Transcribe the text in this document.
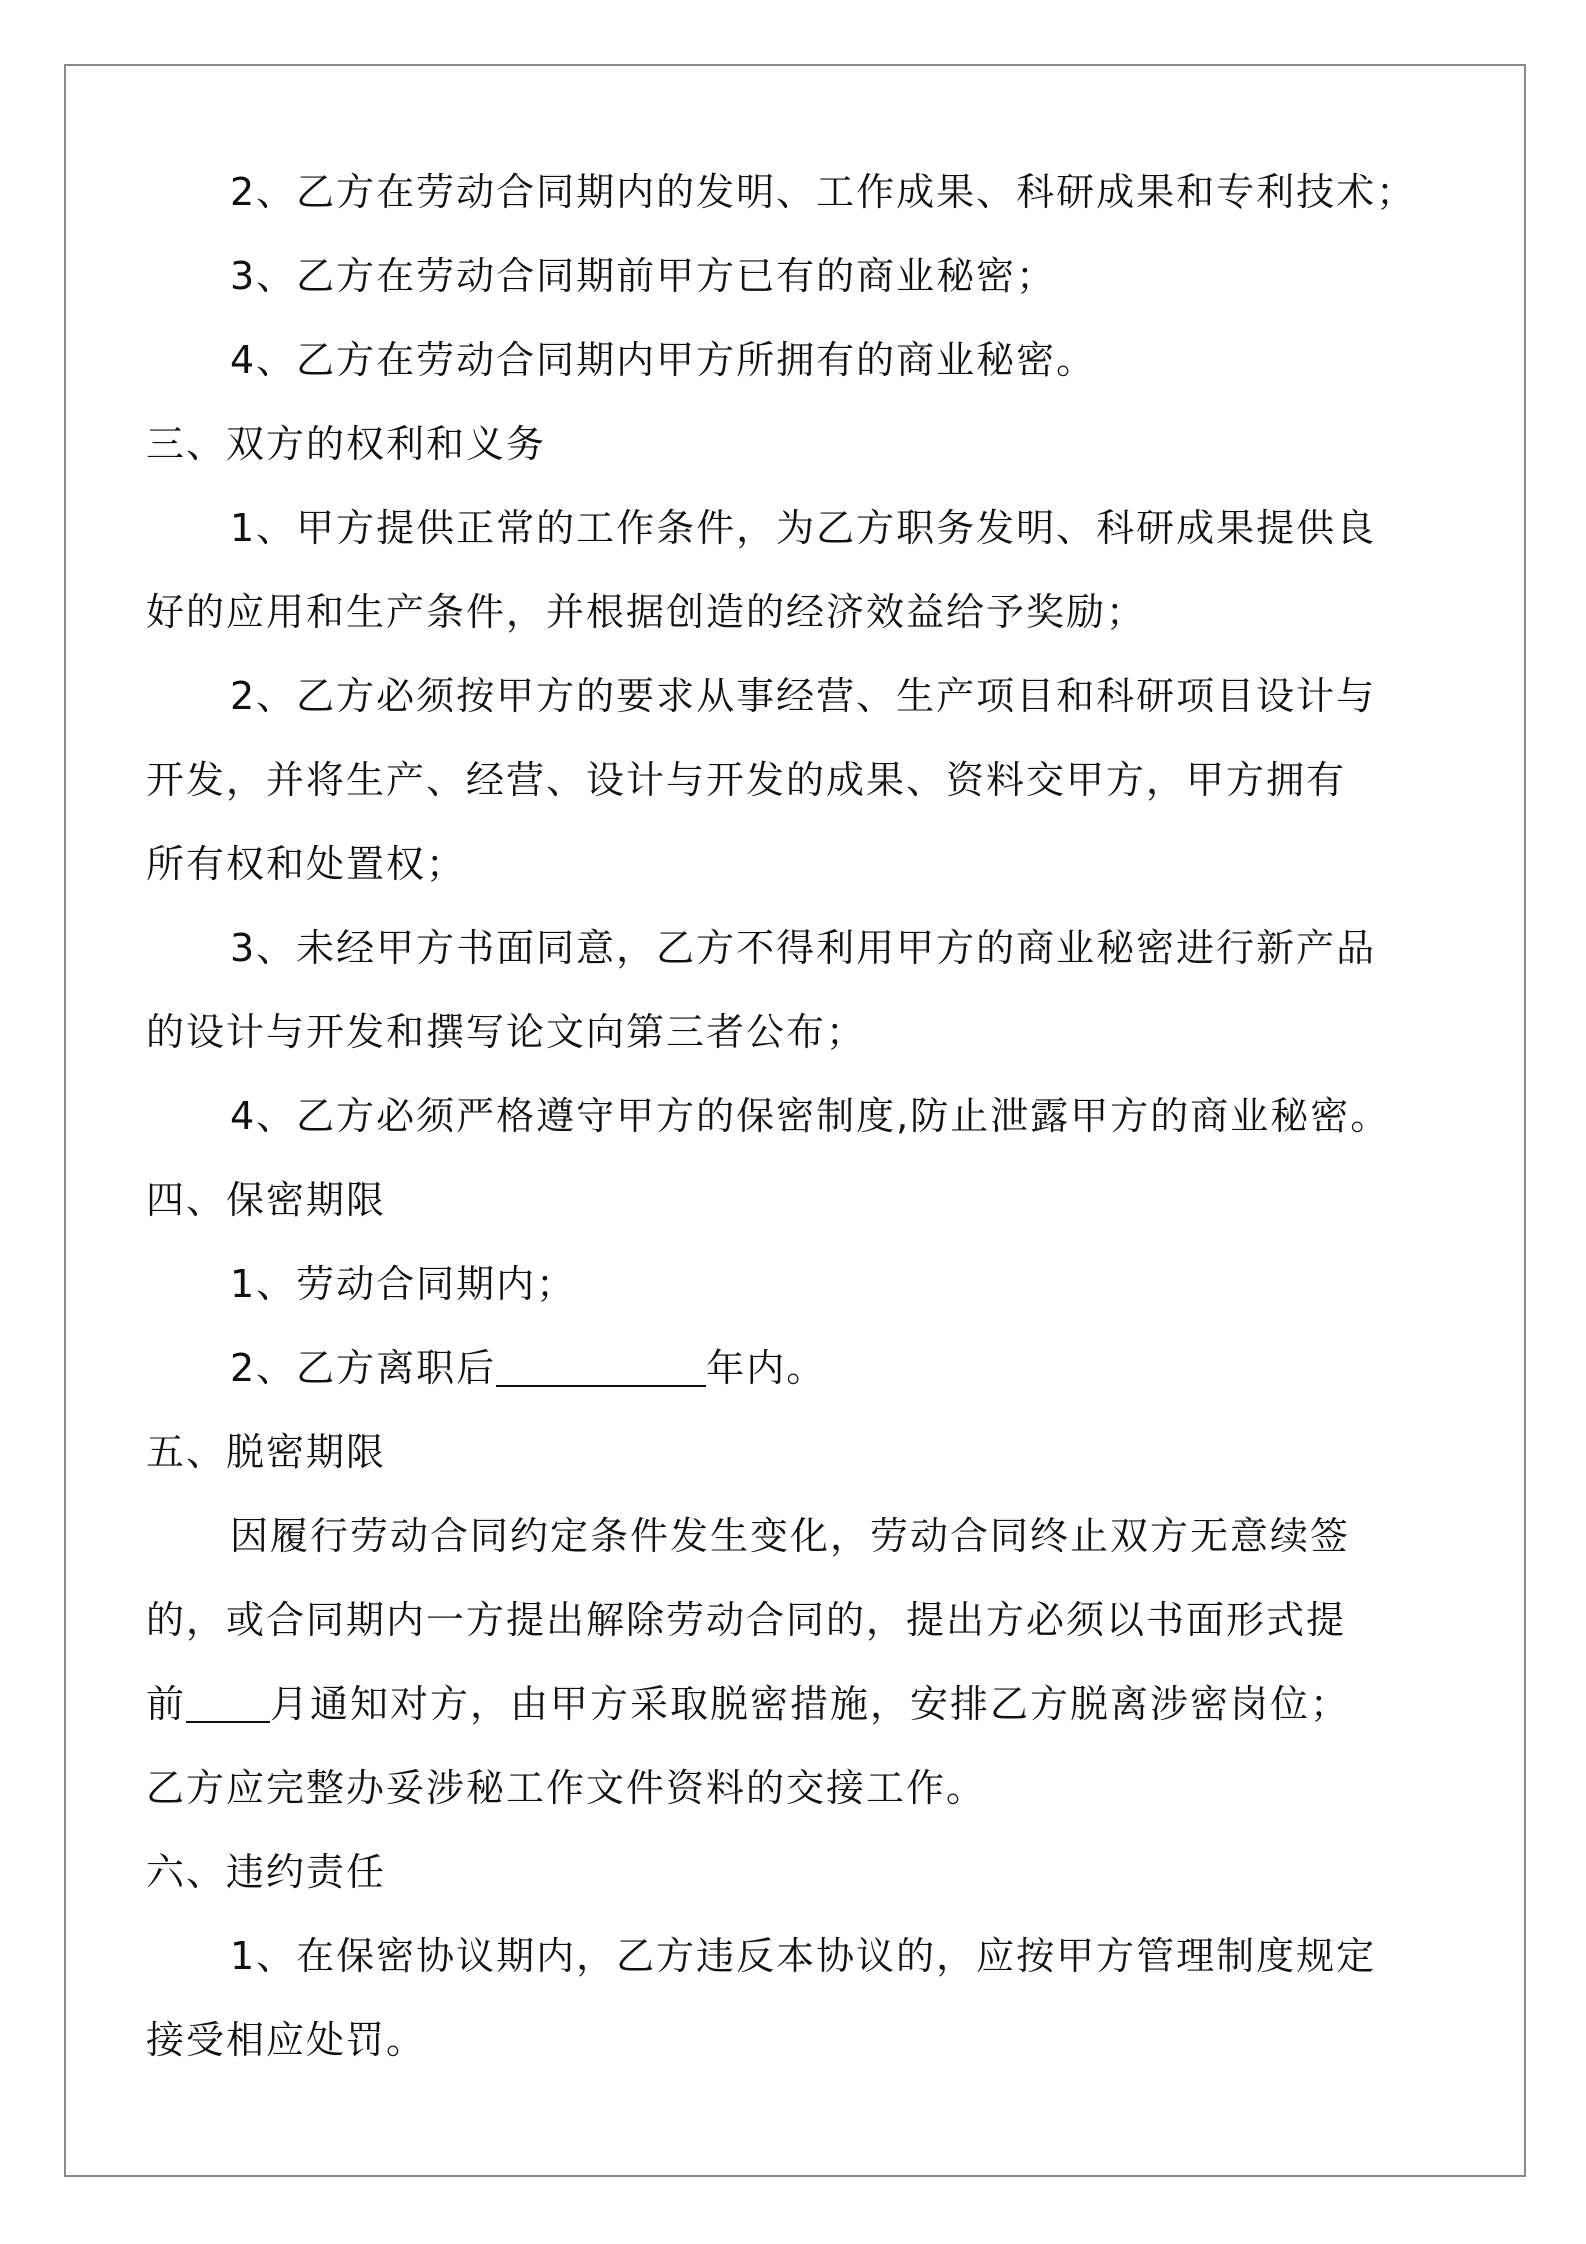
2、乙方在劳动合同期内的发明、工作成果、科研成果和专利技术；
3、乙方在劳动合同期前甲方已有的商业秘密；
4、乙方在劳动合同期内甲方所拥有的商业秘密。
三、双方的权利和义务
1、甲方提供正常的工作条件，为乙方职务发明、科研成果提供良
好的应用和生产条件，并根据创造的经济效益给予奖励；
2、乙方必须按甲方的要求从事经营、生产项目和科研项目设计与
开发，并将生产、经营、设计与开发的成果、资料交甲方，甲方拥有
所有权和处置权；
3、未经甲方书面同意，乙方不得利用甲方的商业秘密进行新产品
的设计与开发和撰写论文向第三者公布；
4、乙方必须严格遵守甲方的保密制度,防止泄露甲方的商业秘密。
四、保密期限
1、劳动合同期内；
2、乙方离职后	年内。
五、脱密期限
因履行劳动合同约定条件发生变化，劳动合同终止双方无意续签
的，或合同期内一方提出解除劳动合同的，提出方必须以书面形式提
前 月通知对方，由甲方采取脱密措施，安排乙方脱离涉密岗位；
乙方应完整办妥涉秘工作文件资料的交接工作。
六、违约责任
1、在保密协议期内，乙方违反本协议的，应按甲方管理制度规定
接受相应处罚。
